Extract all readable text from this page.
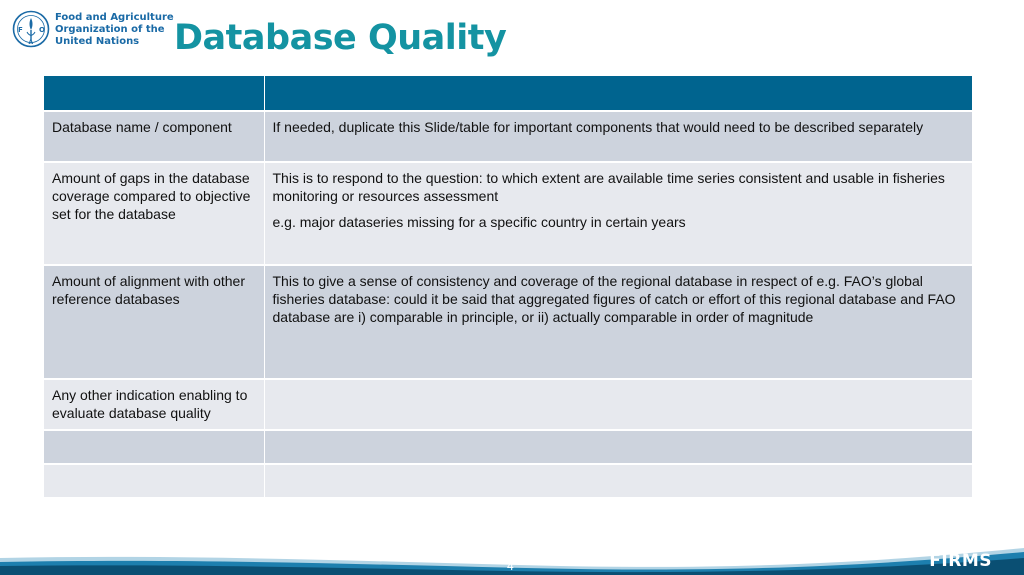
F
A
O
Food and Agriculture
Organization of the
United Nations Database Quality

Database name / component	If needed, duplicate this Slide/table for important components that would need to be described separately

Amount of gaps in the database coverage compared to objective set for the database	This is to respond to the question: to which extent are available time series consistent and usable in fisheries monitoring or resources assessment

e.g. major dataseries missing for a specific country in certain years

Amount of alignment with other reference databases	This to give a sense of consistency and coverage of the regional database in respect of e.g. FAO’s global fisheries database: could it be said that aggregated figures of catch or effort of this regional database and FAO database are i) comparable in principle, or ii) actually comparable in order of magnitude

Any other indication enabling to evaluate database quality	

4	FIRMS
